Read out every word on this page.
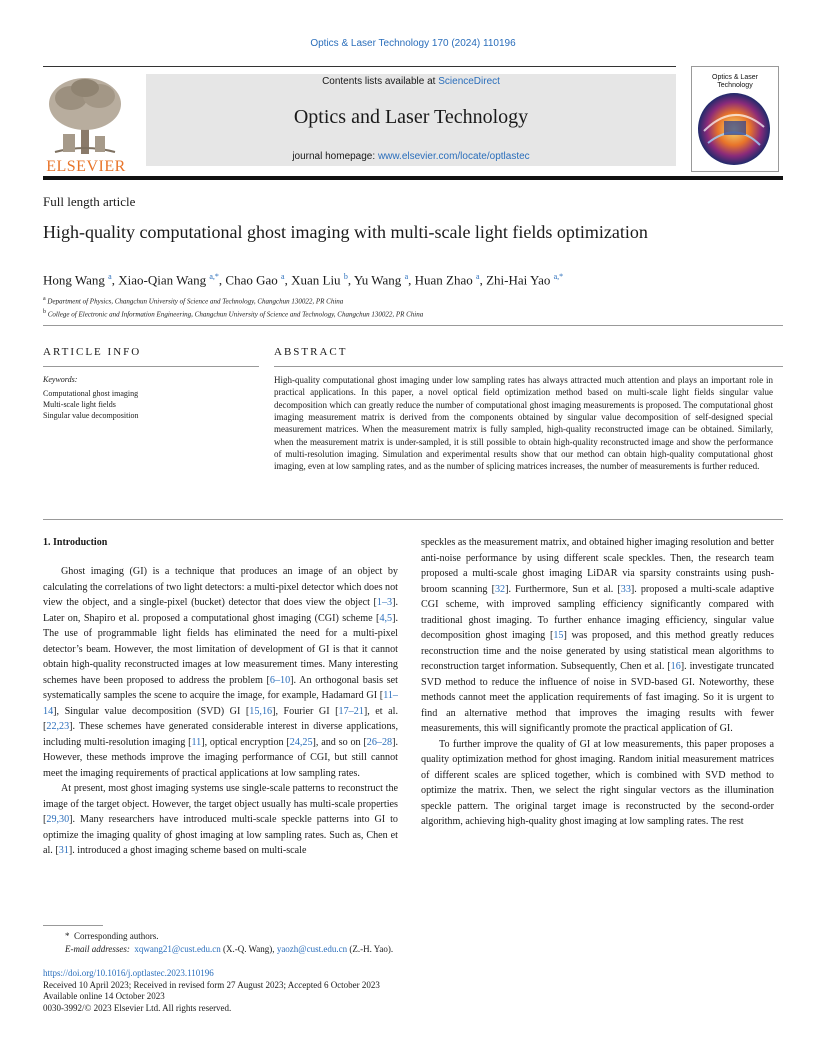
Optics & Laser Technology 170 (2024) 110196
ELSEVIER
Contents lists available at ScienceDirect
Optics and Laser Technology
journal homepage: www.elsevier.com/locate/optlastec
Optics & Laser Technology
Full length article
High-quality computational ghost imaging with multi-scale light fields optimization
Hong Wang $^a$, Xiao-Qian Wang $^{a,*}$, Chao Gao $^a$, Xuan Liu $^b$, Yu Wang $^a$, Huan Zhao $^a$, Zhi-Hai Yao $^{a,*}$
$^a$ Department of Physics, Changchun University of Science and Technology, Changchun 130022, PR China
$^b$ College of Electronic and Information Engineering, Changchun University of Science and Technology, Changchun 130022, PR China
ARTICLE INFO	ABSTRACT
Keywords:
Computational ghost imaging
Multi-scale light fields
Singular value decomposition

High-quality computational ghost imaging under low sampling rates has always attracted much attention and plays an important role in practical applications. In this paper, a novel optical field optimization method based on multi-scale light fields singular value decomposition which can greatly reduce the number of computational ghost imaging measurements is proposed. The computational ghost imaging measurement matrix is derived from the components obtained by singular value decomposition of self-designed special measurement matrices. When the measurement matrix is fully sampled, high-quality reconstructed image can be obtained. Similarly, when the measurement matrix is under-sampled, it is still possible to obtain high-quality reconstructed image and show the performance of multi-resolution imaging. Simulation and experimental results show that our method can obtain high-quality computational ghost imaging, even at low sampling rates, and as the number of splicing matrices increases, the number of measurements is further reduced.

1. Introduction

Ghost imaging (GI) is a technique that produces an image of an object by calculating the correlations of two light detectors: a multi-pixel detector which does not view the object, and a single-pixel (bucket) detector that does view the object [1–3]. Later on, Shapiro et al. proposed a computational ghost imaging (CGI) scheme [4,5]. The use of programmable light fields has eliminated the need for a multi-pixel detector’s beam. However, the most limitation of development of GI is that it cannot obtain high-quality reconstructed images at low measurement times. Many interesting schemes have been proposed to address the problem [6–10]. An orthogonal basis set systematically samples the scene to acquire the image, for example, Hadamard GI [11–14], Singular value decomposition (SVD) GI [15,16], Fourier GI [17–21], et al. [22,23]. These schemes have generated considerable interest in diverse applications, including multi-resolution imaging [11], optical encryption [24,25], and so on [26–28]. However, these methods improve the imaging performance of CGI, but still cannot meet the imaging requirements of practical applications at low sampling rates.

At present, most ghost imaging systems use single-scale patterns to reconstruct the image of the target object. However, the target object usually has multi-scale properties [29,30]. Many researchers have introduced multi-scale speckle patterns into GI to optimize the imaging quality of ghost imaging at low sampling rates. Such as, Chen et al. [31]. introduced a ghost imaging scheme based on multi-scale

speckles as the measurement matrix, and obtained higher imaging resolution and better anti-noise performance by using different scale speckles. Then, the research team proposed a multi-scale ghost imaging LiDAR via sparsity constraints using push-broom scanning [32]. Furthermore, Sun et al. [33]. proposed a multi-scale adaptive CGI scheme, with improved sampling efficiency significantly compared with traditional ghost imaging. To further enhance imaging efficiency, singular value decomposition ghost imaging [15] was proposed, and this method greatly reduces reconstruction time and the noise generated by using statistical mean algorithms to reconstruction target information. Subsequently, Chen et al. [16]. investigate truncated SVD method to reduce the influence of noise in SVD-based GI. Noteworthy, these methods cannot meet the application requirements of fast imaging. So it is urgent to find an alternative method that improves the imaging results with fewer measurements, this will significantly promote the practical application of GI.

To further improve the quality of GI at low measurements, this paper proposes a quality optimization method for ghost imaging. Random initial measurement matrices of different scales are spliced together, which is combined with SVD method to optimize the matrix. Then, we select the right singular vectors as the illumination speckle pattern. The original target image is reconstructed by the second-order algorithm, achieving high-quality ghost imaging at low sampling rates. The rest

*  Corresponding authors.
E-mail addresses: xqwang21@cust.edu.cn (X.-Q. Wang), yaozh@cust.edu.cn (Z.-H. Yao).
https://doi.org/10.1016/j.optlastec.2023.110196
Received 10 April 2023; Received in revised form 27 August 2023; Accepted 6 October 2023
Available online 14 October 2023
0030-3992/© 2023 Elsevier Ltd. All rights reserved.
